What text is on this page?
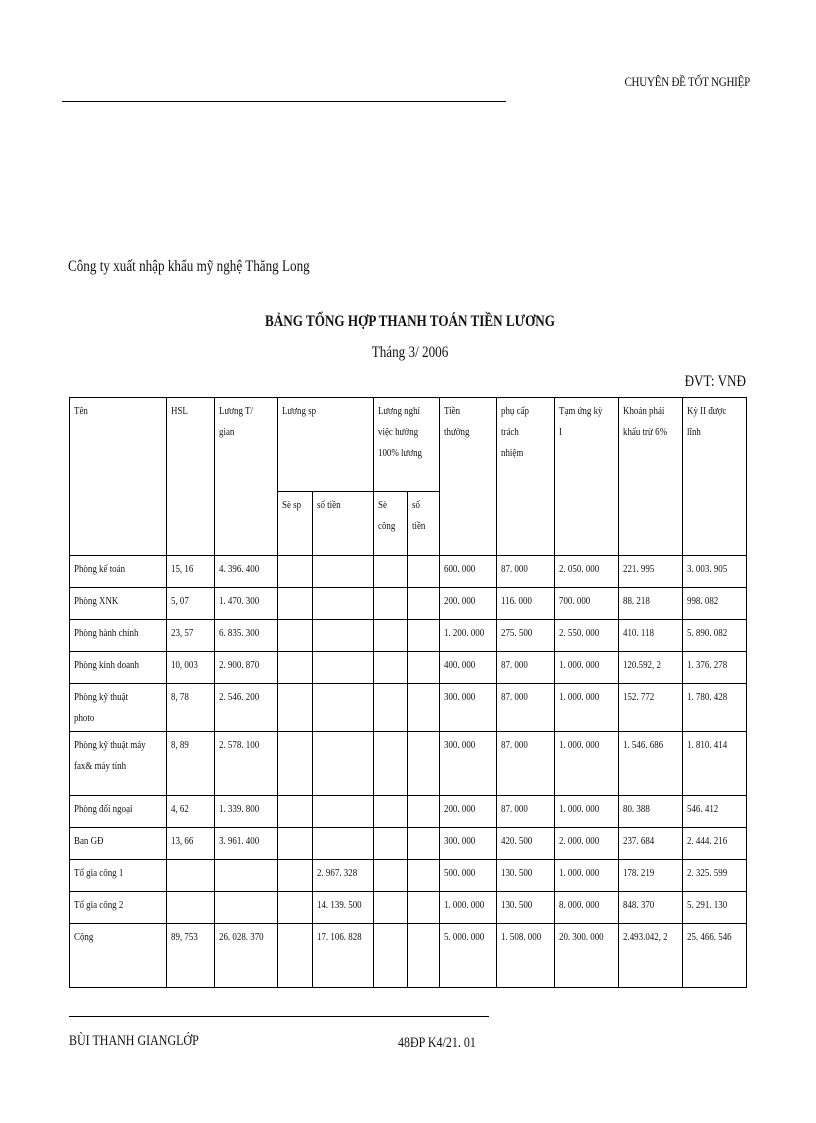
CHUYÊN ĐỀ TỐT NGHIỆP
Công ty xuất nhập khẩu mỹ nghệ Thăng Long
BẢNG TỔNG HỢP THANH TOÁN TIỀN LƯƠNG
Tháng 3/ 2006
ĐVT: VNĐ
Tên	HSL	Lương T/ gian	Lương sp		Lương nghỉ việc hưởng 100% lương		Tiền thưởng	phụ cấp trách nhiệm	Tạm ứng kỳ I	Khoản phải khấu trừ 6%	Kỳ II được lĩnh
			Sè sp	số tiền	Sè công	số tiền					
Phòng kế toán	15, 16	4. 396. 400					600. 000	87. 000	2. 050. 000	221. 995	3. 003. 905
Phòng XNK	5, 07	1. 470. 300					200. 000	116. 000	700. 000	88. 218	998. 082
Phòng hành chính	23, 57	6. 835. 300					1. 200. 000	275. 500	2. 550. 000	410. 118	5. 890. 082
Phòng kinh doanh	10, 003	2. 900. 870					400. 000	87. 000	1. 000. 000	120.592, 2	1. 376. 278
Phòng kỹ thuật photo	8, 78	2. 546. 200					300. 000	87. 000	1. 000. 000	152. 772	1. 780. 428
Phòng kỹ thuật máy fax& máy tính	8, 89	2. 578. 100					300. 000	87. 000	1. 000. 000	1. 546. 686	1. 810. 414
Phòng đối ngoại	4, 62	1. 339. 800					200. 000	87. 000	1. 000. 000	80. 388	546. 412
Ban GĐ	13, 66	3. 961. 400					300. 000	420. 500	2. 000. 000	237. 684	2. 444. 216
Tổ gia công 1				2. 967. 328			500. 000	130. 500	1. 000. 000	178. 219	2. 325. 599
Tổ gia công 2				14. 139. 500			1. 000. 000	130. 500	8. 000. 000	848. 370	5. 291. 130
Cộng	89, 753	26. 028. 370		17. 106. 828			5. 000. 000	1. 508. 000	20. 300. 000	2.493.042, 2	25. 466. 546
BÙI THANH GIANGLỚP	48ĐP K4/21. 01
